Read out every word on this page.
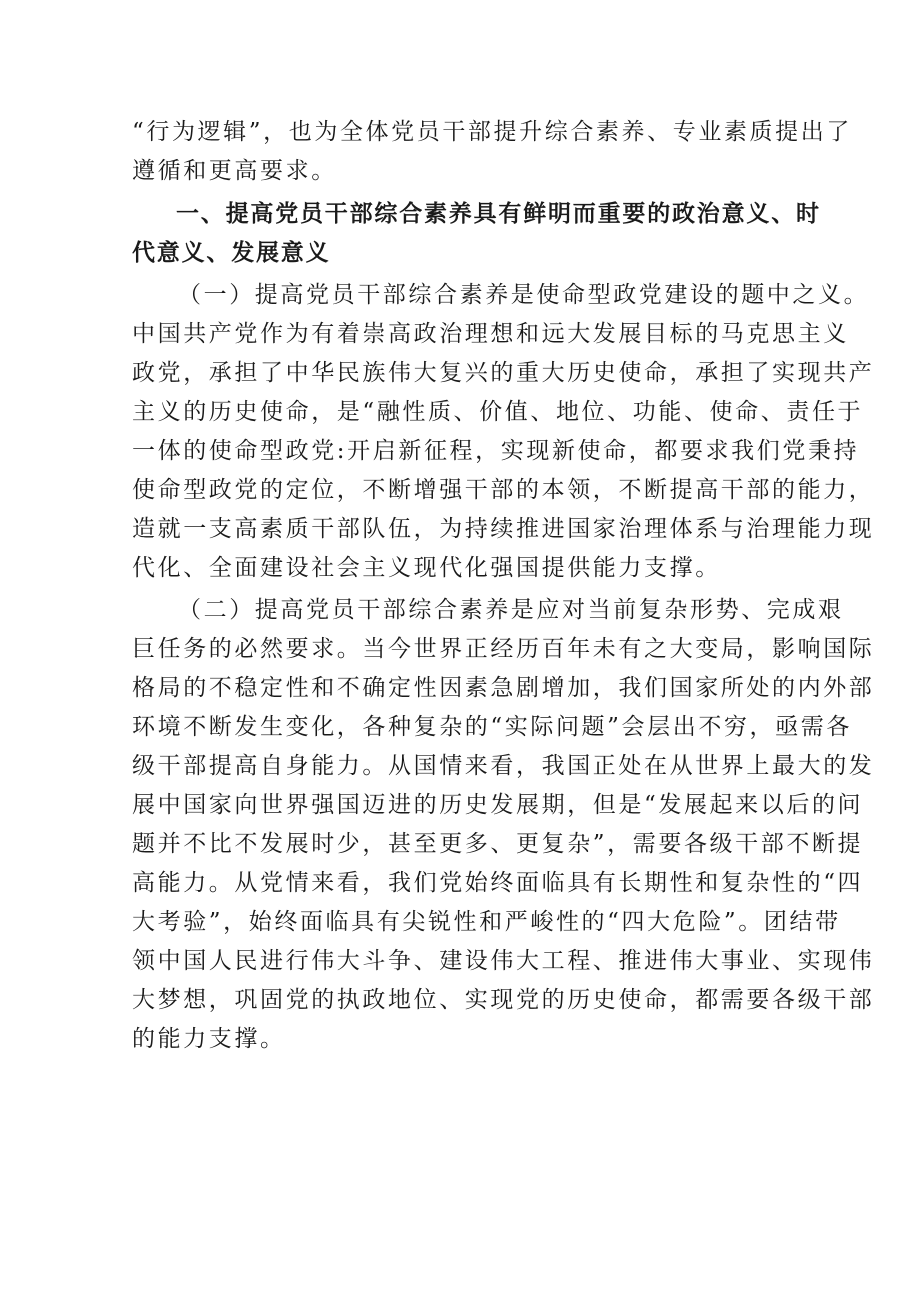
“行为逻辑”，也为全体党员干部提升综合素养、专业素质提出了
遵循和更高要求。
一、提高党员干部综合素养具有鲜明而重要的政治意义、时
代意义、发展意义
（一）提高党员干部综合素养是使命型政党建设的题中之义。
中国共产党作为有着崇高政治理想和远大发展目标的马克思主义
政党，承担了中华民族伟大复兴的重大历史使命，承担了实现共产
主义的历史使命，是“融性质、价值、地位、功能、使命、责任于
一体的使命型政党:开启新征程，实现新使命，都要求我们党秉持
使命型政党的定位，不断增强干部的本领，不断提高干部的能力，
造就一支高素质干部队伍，为持续推进国家治理体系与治理能力现
代化、全面建设社会主义现代化强国提供能力支撑。
（二）提高党员干部综合素养是应对当前复杂形势、完成艰
巨任务的必然要求。当今世界正经历百年未有之大变局，影响国际
格局的不稳定性和不确定性因素急剧增加，我们国家所处的内外部
环境不断发生变化，各种复杂的“实际问题”会层出不穷，亟需各
级干部提高自身能力。从国情来看，我国正处在从世界上最大的发
展中国家向世界强国迈进的历史发展期，但是“发展起来以后的问
题并不比不发展时少，甚至更多、更复杂”，需要各级干部不断提
高能力。从党情来看，我们党始终面临具有长期性和复杂性的“四
大考验”，始终面临具有尖锐性和严峻性的“四大危险”。团结带
领中国人民进行伟大斗争、建设伟大工程、推进伟大事业、实现伟
大梦想，巩固党的执政地位、实现党的历史使命，都需要各级干部
的能力支撑。
